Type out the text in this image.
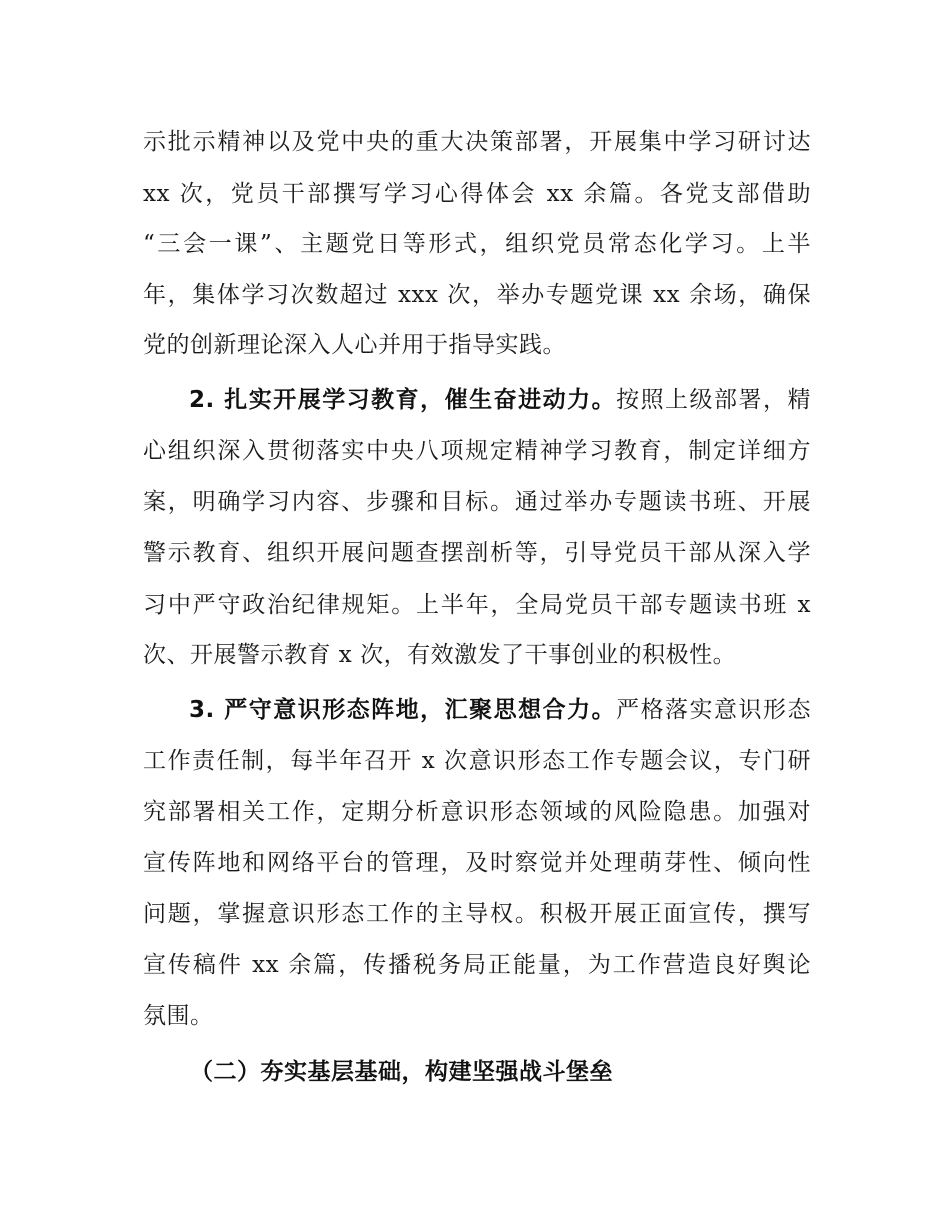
示批示精神以及党中央的重大决策部署，开展集中学习研讨达

xx 次，党员干部撰写学习心得体会 xx 余篇。各党支部借助

“三会一课”、主题党日等形式，组织党员常态化学习。上半

年，集体学习次数超过 xxx 次，举办专题党课 xx 余场，确保

党的创新理论深入人心并用于指导实践。

2. 扎实开展学习教育，催生奋进动力。按照上级部署，精

心组织深入贯彻落实中央八项规定精神学习教育，制定详细方

案，明确学习内容、步骤和目标。通过举办专题读书班、开展

警示教育、组织开展问题查摆剖析等，引导党员干部从深入学

习中严守政治纪律规矩。上半年，全局党员干部专题读书班 x

次、开展警示教育 x 次，有效激发了干事创业的积极性。

3. 严守意识形态阵地，汇聚思想合力。严格落实意识形态

工作责任制，每半年召开 x 次意识形态工作专题会议，专门研

究部署相关工作，定期分析意识形态领域的风险隐患。加强对

宣传阵地和网络平台的管理，及时察觉并处理萌芽性、倾向性

问题，掌握意识形态工作的主导权。积极开展正面宣传，撰写

宣传稿件 xx 余篇，传播税务局正能量，为工作营造良好舆论

氛围。

（二）夯实基层基础，构建坚强战斗堡垒
